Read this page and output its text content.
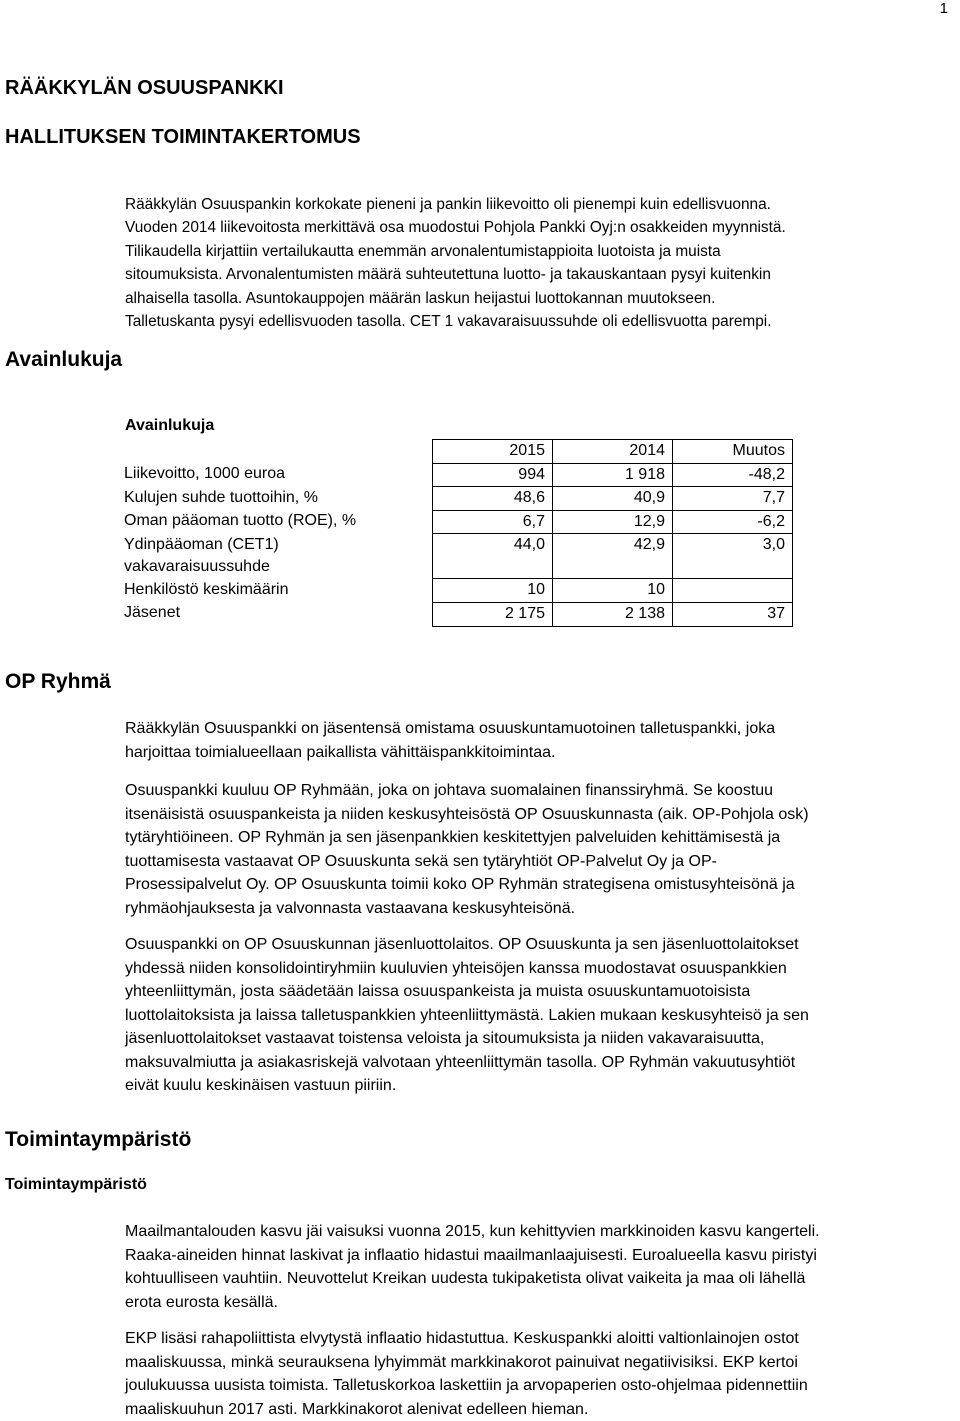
1
RÄÄKKYLÄN OSUUSPANKKI
HALLITUKSEN TOIMINTAKERTOMUS
Rääkkylän Osuuspankin korkokate pieneni ja pankin liikevoitto oli pienempi kuin edellisvuonna.
Vuoden 2014 liikevoitosta merkittävä osa muodostui Pohjola Pankki Oyj:n osakkeiden myynnistä.
Tilikaudella kirjattiin vertailukautta enemmän arvonalentumistappioita luotoista ja muista
sitoumuksista. Arvonalentumisten määrä suhteutettuna luotto- ja takauskantaan pysyi kuitenkin
alhaisella tasolla. Asuntokauppojen määrän laskun heijastui luottokannan muutokseen.
Talletuskanta pysyi edellisvuoden tasolla. CET 1 vakavaraisuussuhde oli edellisvuotta parempi.
Avainlukuja
Avainlukuja
	2015	2014	Muutos
Liikevoitto, 1000 euroa	994	1 918	-48,2
Kulujen suhde tuottoihin, %	48,6	40,9	7,7
Oman pääoman tuotto (ROE), %	6,7	12,9	-6,2

Ydinpääoman (CET1)
vakavaraisuussuhde	44,0	42,9	3,0
Henkilöstö keskimäärin	10	10	
Jäsenet	2 175	2 138	37
OP Ryhmä
Rääkkylän Osuuspankki on jäsentensä omistama osuuskuntamuotoinen talletuspankki, joka
harjoittaa toimialueellaan paikallista vähittäispankkitoimintaa.
Osuuspankki kuuluu OP Ryhmään, joka on johtava suomalainen finanssiryhmä. Se koostuu
itsenäisistä osuuspankeista ja niiden keskusyhteisöstä OP Osuuskunnasta (aik. OP-Pohjola osk)
tytäryhtiöineen. OP Ryhmän ja sen jäsenpankkien keskitettyjen palveluiden kehittämisestä ja
tuottamisesta vastaavat OP Osuuskunta sekä sen tytäryhtiöt OP-Palvelut Oy ja OP-
Prosessipalvelut Oy. OP Osuuskunta toimii koko OP Ryhmän strategisena omistusyhteisönä ja
ryhmäohjauksesta ja valvonnasta vastaavana keskusyhteisönä.
Osuuspankki on OP Osuuskunnan jäsenluottolaitos. OP Osuuskunta ja sen jäsenluottolaitokset
yhdessä niiden konsolidointiryhmiin kuuluvien yhteisöjen kanssa muodostavat osuuspankkien
yhteenliittymän, josta säädetään laissa osuuspankeista ja muista osuuskuntamuotoisista
luottolaitoksista ja laissa talletuspankkien yhteenliittymästä. Lakien mukaan keskusyhteisö ja sen
jäsenluottolaitokset vastaavat toistensa veloista ja sitoumuksista ja niiden vakavaraisuutta,
maksuvalmiutta ja asiakasriskejä valvotaan yhteenliittymän tasolla. OP Ryhmän vakuutusyhtiöt
eivät kuulu keskinäisen vastuun piiriin.
Toimintaympäristö
Toimintaympäristö
Maailmantalouden kasvu jäi vaisuksi vuonna 2015, kun kehittyvien markkinoiden kasvu kangerteli.
Raaka-aineiden hinnat laskivat ja inflaatio hidastui maailmanlaajuisesti. Euroalueella kasvu piristyi
kohtuulliseen vauhtiin. Neuvottelut Kreikan uudesta tukipaketista olivat vaikeita ja maa oli lähellä
erota eurosta kesällä.
EKP lisäsi rahapoliittista elvytystä inflaatio hidastuttua. Keskuspankki aloitti valtionlainojen ostot
maaliskuussa, minkä seurauksena lyhyimmät markkinakorot painuivat negatiivisiksi. EKP kertoi
joulukuussa uusista toimista. Talletuskorkoa laskettiin ja arvopaperien osto-ohjelmaa pidennettiin
maaliskuuhun 2017 asti. Markkinakorot alenivat edelleen hieman.
